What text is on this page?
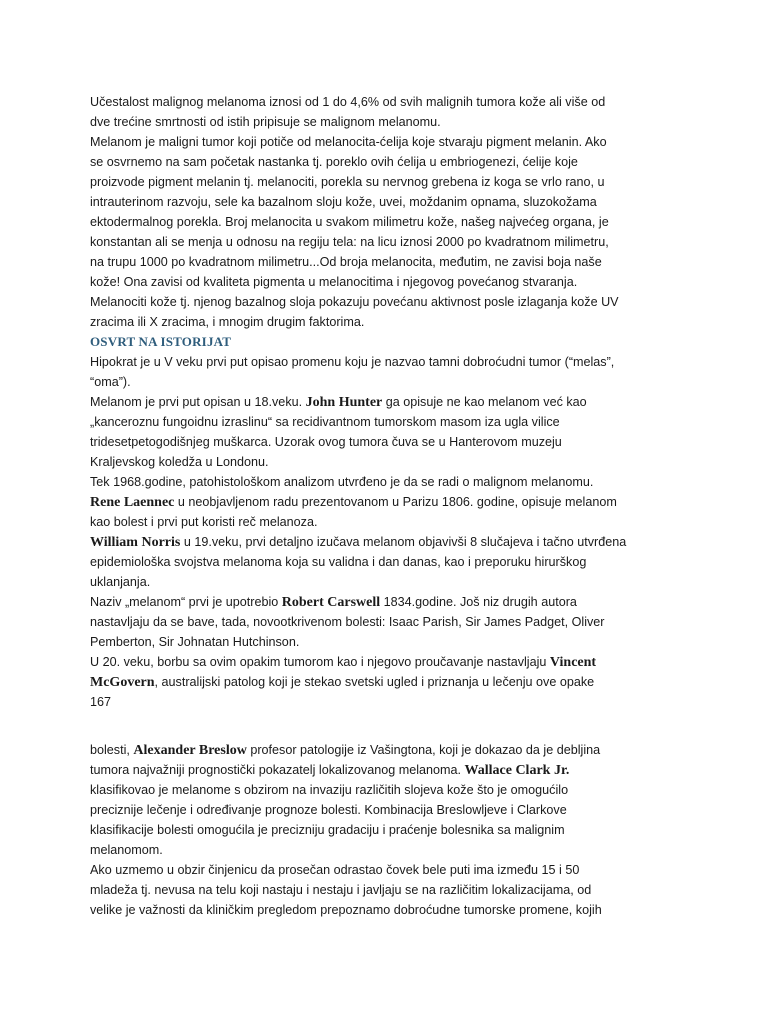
Učestalost malignog melanoma iznosi od 1 do 4,6% od svih malignih tumora kože ali više od
dve trećine smrtnosti od istih pripisuje se malignom melanomu.
Melanom je maligni tumor koji potiče od melanocita-ćelija koje stvaraju pigment melanin. Ako
se osvrnemo na sam početak nastanka tj. poreklo ovih ćelija u embriogenezi, ćelije koje
proizvode pigment melanin tj. melanociti, porekla su nervnog grebena iz koga se vrlo rano, u
intrauterinom razvoju, sele ka bazalnom sloju kože, uvei, moždanim opnama, sluzokožama
ektodermalnog porekla. Broj melanocita u svakom milimetru kože, našeg najvećeg organa, je
konstantan ali se menja u odnosu na regiju tela: na licu iznosi 2000 po kvadratnom milimetru,
na trupu 1000 po kvadratnom milimetru...Od broja melanocita, međutim, ne zavisi boja naše
kože! Ona zavisi od kvaliteta pigmenta u melanocitima i njegovog povećanog stvaranja.
Melanociti kože tj. njenog bazalnog sloja pokazuju povećanu aktivnost posle izlaganja kože UV
zracima ili X zracima, i mnogim drugim faktorima.
OSVRT NA ISTORIJAT
Hipokrat je u V veku prvi put opisao promenu koju je nazvao tamni dobroćudni tumor (“melas”,
“oma”).
Melanom je prvi put opisan u 18.veku. John Hunter ga opisuje ne kao melanom već kao
„kanceroznu fungoidnu izraslinu“ sa recidivantnom tumorskom masom iza ugla vilice
tridesetpetogodišnjeg muškarca. Uzorak ovog tumora čuva se u Hanterovom muzeju
Kraljevskog koledža u Londonu.
Tek 1968.godine, patohistološkom analizom utvrđeno je da se radi o malignom melanomu.
Rene Laennec u neobjavljenom radu prezentovanom u Parizu 1806. godine, opisuje melanom
kao bolest i prvi put koristi reč melanoza.
William Norris u 19.veku, prvi detaljno izučava melanom objavivši 8 slučajeva i tačno utvrđena
epidemiološka svojstva melanoma koja su validna i dan danas, kao i preporuku hirurškog
uklanjanja.
Naziv „melanom“ prvi je upotrebio Robert Carswell 1834.godine. Još niz drugih autora
nastavljaju da se bave, tada, novootkrivenom bolesti: Isaac Parish, Sir James Padget, Oliver
Pemberton, Sir Johnatan Hutchinson.
U 20. veku, borbu sa ovim opakim tumorom kao i njegovo proučavanje nastavljaju Vincent
McGovern, australijski patolog koji je stekao svetski ugled i priznanja u lečenju ove opake
167
bolesti, Alexander Breslow profesor patologije iz Vašingtona, koji je dokazao da je debljina
tumora najvažniji prognostički pokazatelj lokalizovanog melanoma. Wallace Clark Jr.
klasifikovao je melanome s obzirom na invaziju različitih slojeva kože što je omogućilo
preciznije lečenje i određivanje prognoze bolesti. Kombinacija Breslowljeve i Clarkove
klasifikacije bolesti omogućila je precizniju gradaciju i praćenje bolesnika sa malignim
melanomom.
Ako uzmemo u obzir činjenicu da prosečan odrastao čovek bele puti ima između 15 i 50
mladeža tj. nevusa na telu koji nastaju i nestaju i javljaju se na različitim lokalizacijama, od
velike je važnosti da kliničkim pregledom prepoznamo dobroćudne tumorske promene, kojih
